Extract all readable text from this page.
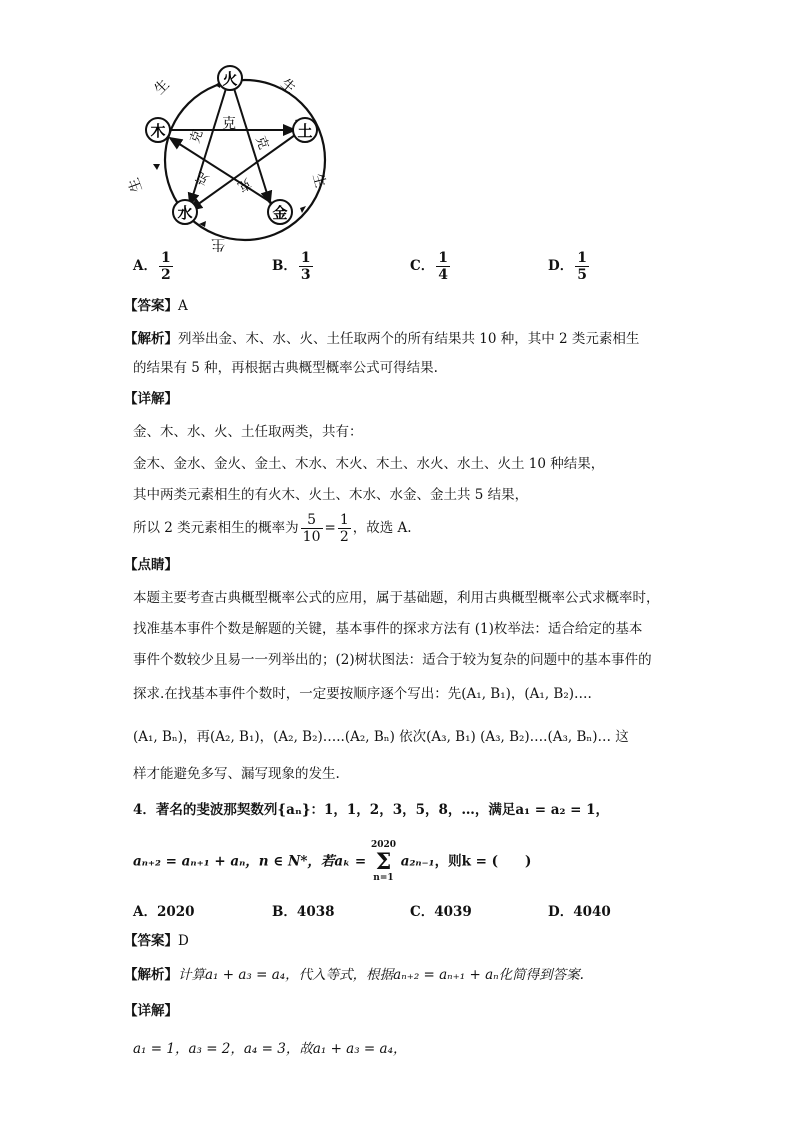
火
土
金
水
木
生	生
生
生
生
克
克	克
克 克
A． $\frac{1}{2}$	B． $\frac{1}{3}$	C． $\frac{1}{4}$	D． $\frac{1}{5}$
【答案】A
【解析】列举出金、木、水、火、土任取两个的所有结果共 10 种，其中 2 类元素相生
的结果有 5 种，再根据古典概型概率公式可得结果.
【详解】
金、木、水、火、土任取两类，共有：
金木、金水、金火、金土、木水、木火、木土、水火、水土、火土 10 种结果，
其中两类元素相生的有火木、火土、木水、水金、金土共 5 结果，
所以 2 类元素相生的概率为 $\frac{5}{10} = \frac{1}{2}$ ，故选 A.
【点睛】
本题主要考查古典概型概率公式的应用，属于基础题，利用古典概型概率公式求概率时，
找准基本事件个数是解题的关键，基本事件的探求方法有 (1)枚举法：适合给定的基本
事件个数较少且易一一列举出的；(2)树状图法：适合于较为复杂的问题中的基本事件的
探求.在找基本事件个数时，一定要按顺序逐个写出：先(A₁, B₁)，(A₁, B₂)….
(A₁, Bₙ)，再(A₂, B₁)，(A₂, B₂)…..(A₂, Bₙ) 依次(A₃, B₁) (A₃, B₂)….(A₃, Bₙ)… 这
样才能避免多写、漏写现象的发生.
4．著名的斐波那契数列{aₙ}：1，1，2，3，5，8，…，满足a₁ = a₂ = 1，
aₙ₊₂ = aₙ₊₁ + aₙ，n ∈ N*，若aₖ =
2020
Σ
n=1
a₂ₙ₋₁，则k = (　　)
A．2020	B．4038	C．4039	D．4040
【答案】D
【解析】计算a₁ + a₃ = a₄，代入等式，根据aₙ₊₂ = aₙ₊₁ + aₙ化简得到答案.
【详解】
a₁ = 1，a₃ = 2，a₄ = 3，故a₁ + a₃ = a₄，
